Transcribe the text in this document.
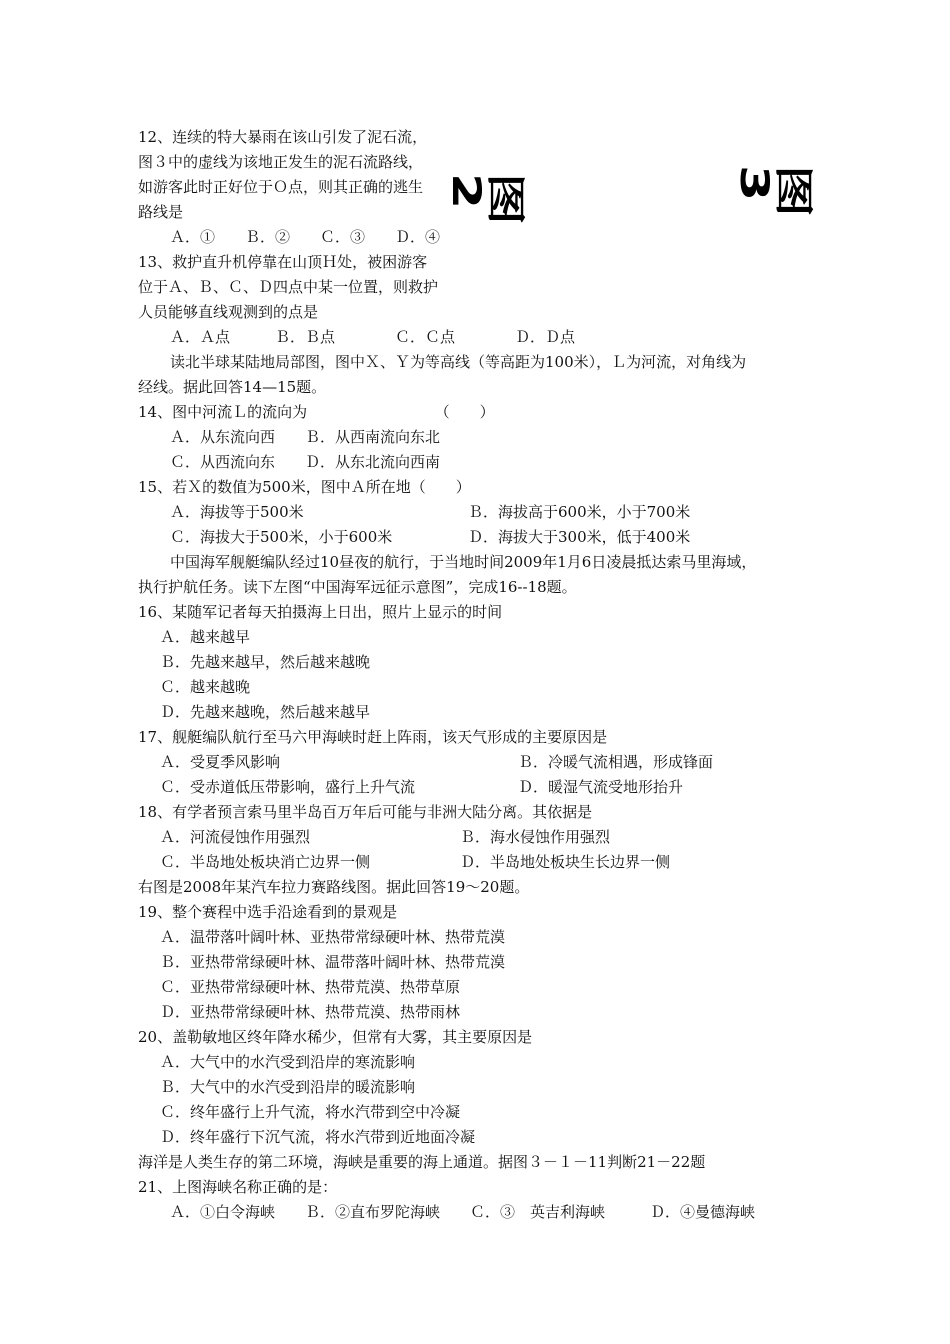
图2	图3
12、连续的特大暴雨在该山引发了泥石流，
图３中的虚线为该地正发生的泥石流路线，
如游客此时正好位于Ｏ点，则其正确的逃生
路线是
Ａ．①　　Ｂ．②　　Ｃ．③　　Ｄ．④
13、救护直升机停靠在山顶Ｈ处，被困游客
位于Ａ、Ｂ、Ｃ、Ｄ四点中某一位置，则救护
人员能够直线观测到的点是
Ａ．Ａ点　　　Ｂ．Ｂ点　　　　Ｃ．Ｃ点　　　　Ｄ．Ｄ点
读北半球某陆地局部图，图中Ｘ、Ｙ为等高线（等高距为100米），Ｌ为河流，对角线为
经线。据此回答14—15题。
14、图中河流Ｌ的流向为　　　　　　　　　（　　）
Ａ．从东流向西　　Ｂ．从西南流向东北
Ｃ．从西流向东　　Ｄ．从东北流向西南
15、若Ｘ的数值为500米，图中Ａ所在地（　　）
Ａ．海拔等于500米	Ｂ．海拔高于600米，小于700米
Ｃ．海拔大于500米，小于600米	Ｄ．海拔大于300米，低于400米
中国海军舰艇编队经过10昼夜的航行，于当地时间2009年1月6日凌晨抵达索马里海域，
执行护航任务。读下左图“中国海军远征示意图”，完成16--18题。
16、某随军记者每天拍摄海上日出，照片上显示的时间
Ａ．越来越早
Ｂ．先越来越早，然后越来越晚
Ｃ．越来越晚
Ｄ．先越来越晚，然后越来越早
17、舰艇编队航行至马六甲海峡时赶上阵雨，该天气形成的主要原因是
Ａ．受夏季风影响	Ｂ．冷暖气流相遇，形成锋面
Ｃ．受赤道低压带影响，盛行上升气流	Ｄ．暖湿气流受地形抬升
18、有学者预言索马里半岛百万年后可能与非洲大陆分离。其依据是
Ａ．河流侵蚀作用强烈	Ｂ．海水侵蚀作用强烈
Ｃ．半岛地处板块消亡边界一侧	Ｄ．半岛地处板块生长边界一侧
右图是2008年某汽车拉力赛路线图。据此回答19～20题。
19、整个赛程中选手沿途看到的景观是
Ａ．温带落叶阔叶林、亚热带常绿硬叶林、热带荒漠
Ｂ．亚热带常绿硬叶林、温带落叶阔叶林、热带荒漠
Ｃ．亚热带常绿硬叶林、热带荒漠、热带草原
Ｄ．亚热带常绿硬叶林、热带荒漠、热带雨林
20、盖勒敏地区终年降水稀少，但常有大雾，其主要原因是
Ａ．大气中的水汽受到沿岸的寒流影响
Ｂ．大气中的水汽受到沿岸的暖流影响
Ｃ．终年盛行上升气流，将水汽带到空中冷凝
Ｄ．终年盛行下沉气流，将水汽带到近地面冷凝
海洋是人类生存的第二环境，海峡是重要的海上通道。据图３－１－11判断21－22题
21、上图海峡名称正确的是：
Ａ．①白令海峡　　Ｂ．②直布罗陀海峡　　Ｃ．③　英吉利海峡　　　Ｄ．④曼德海峡
